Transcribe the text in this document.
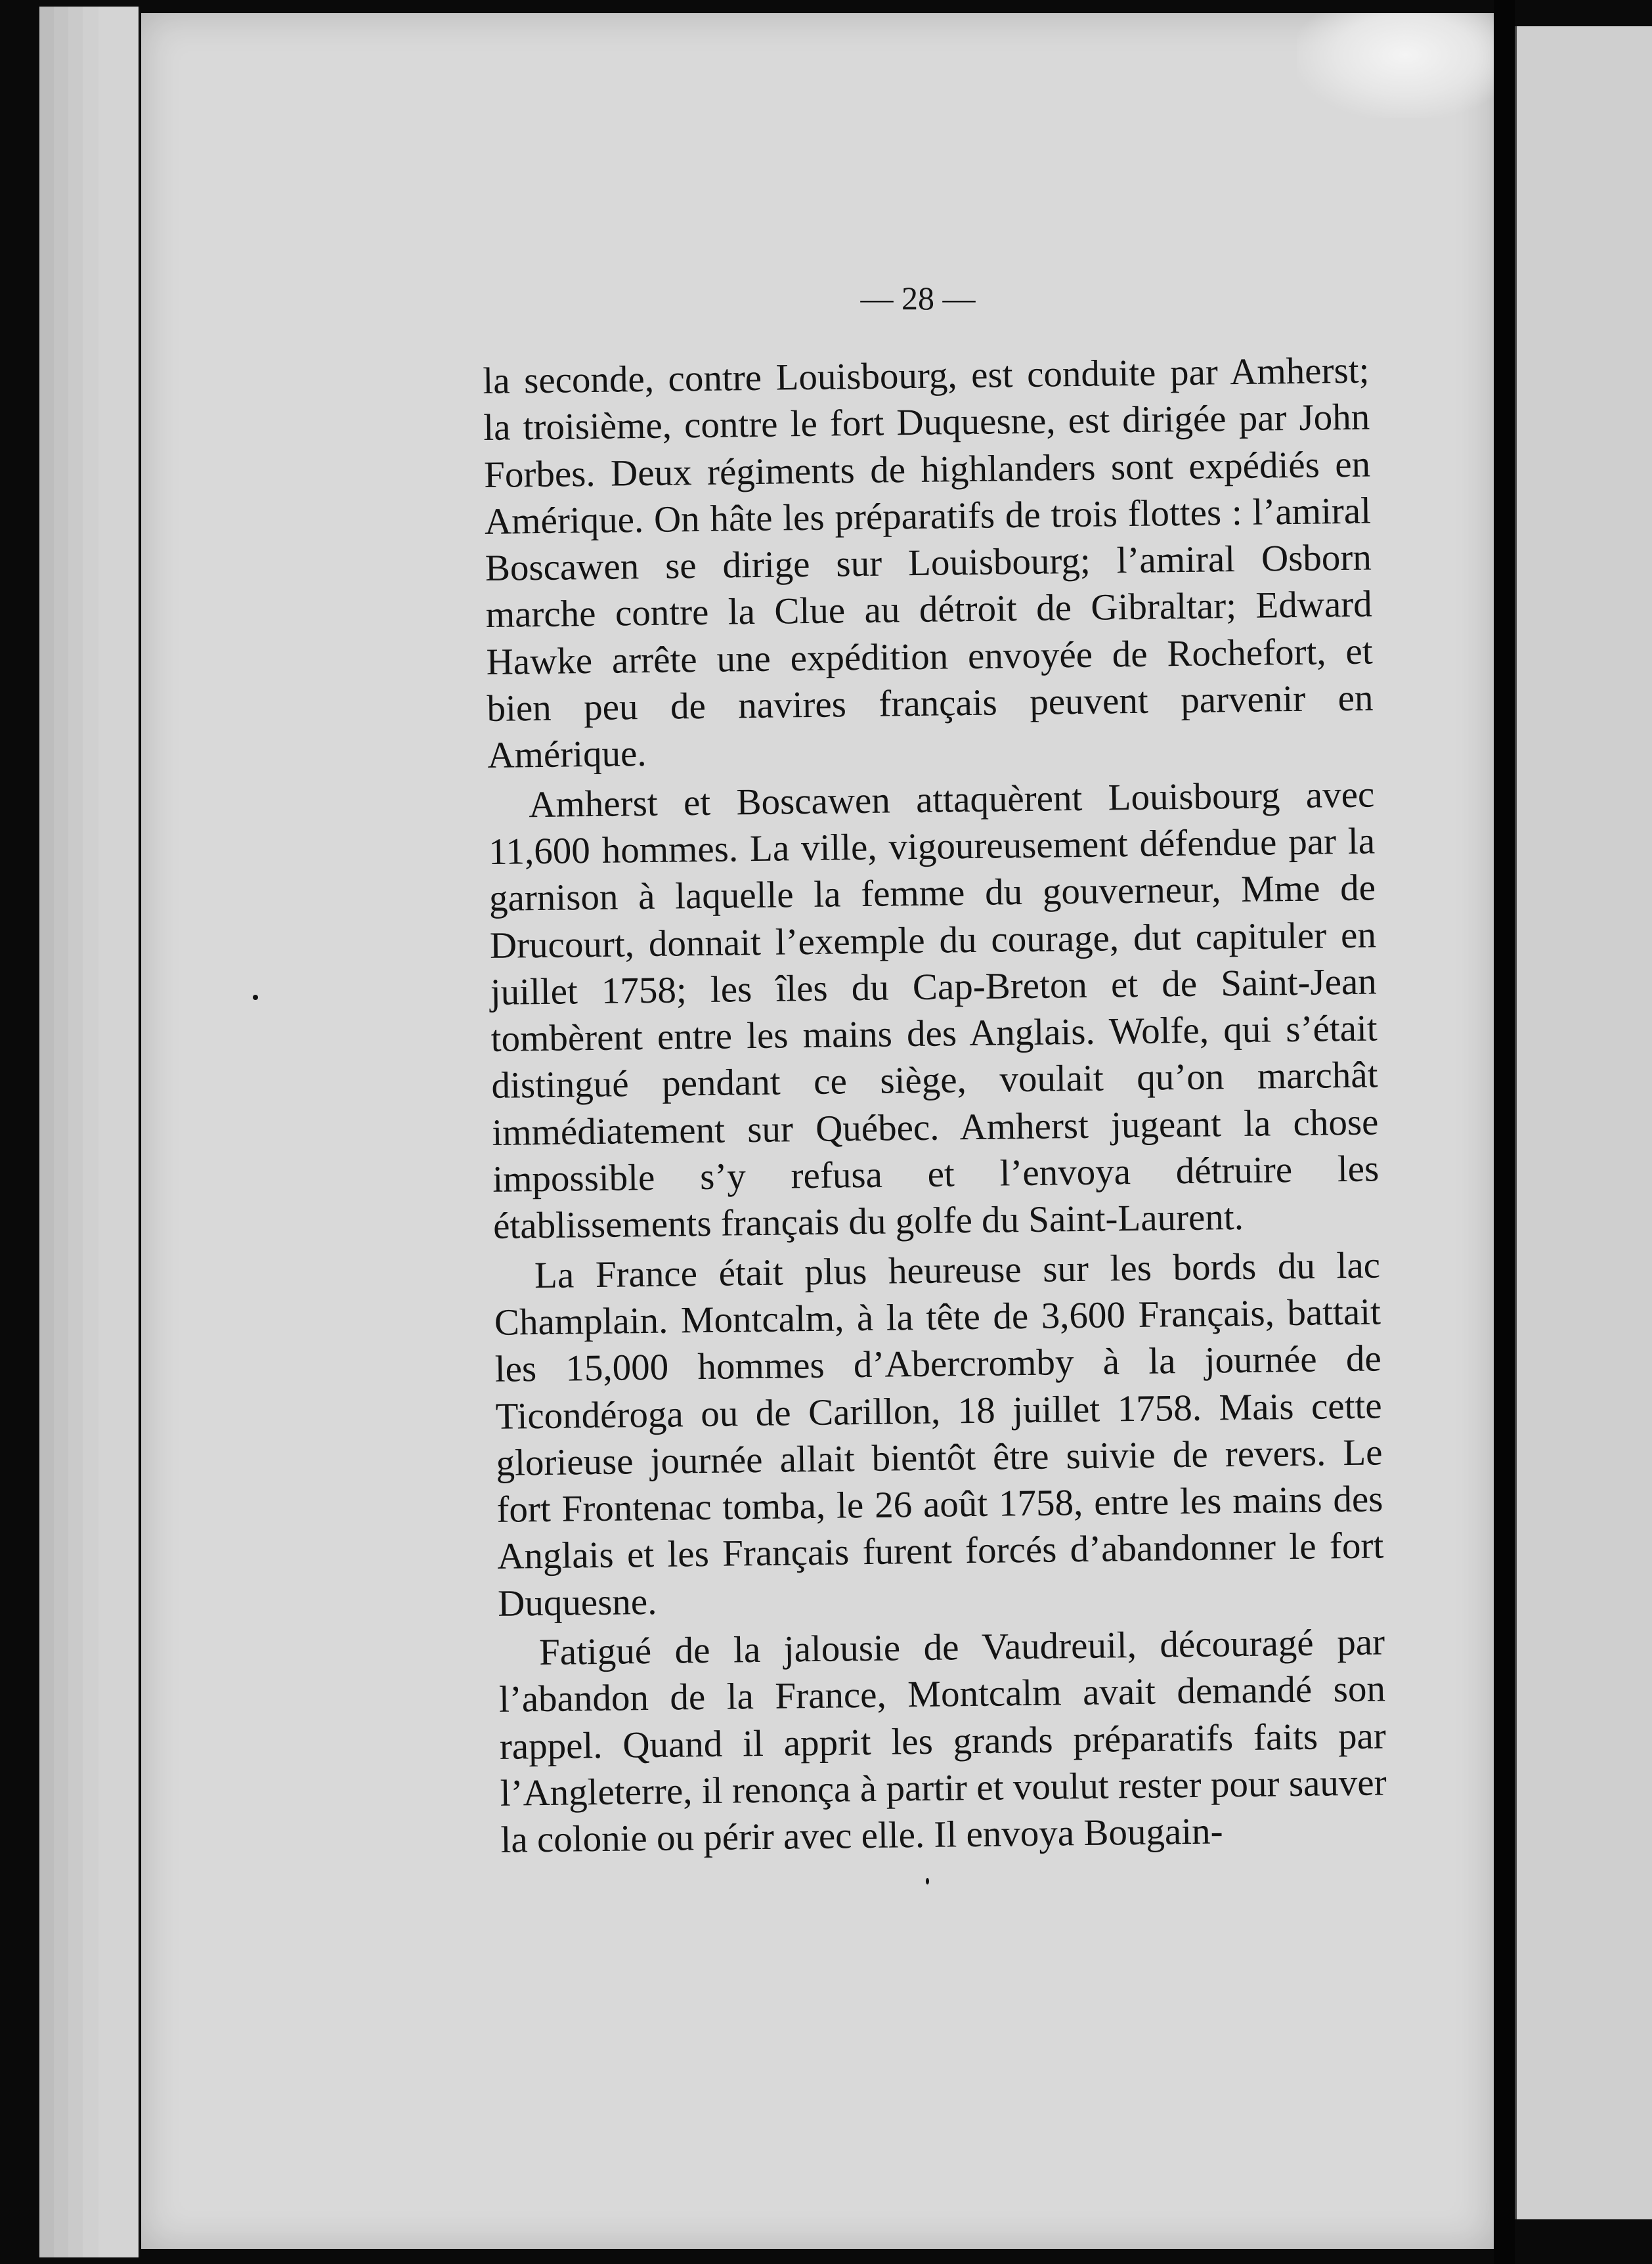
— 28 —

la seconde, contre Louisbourg, est conduite par Amherst; la troisième, contre le fort Duquesne, est dirigée par John Forbes. Deux régiments de highlanders sont expédiés en Amérique. On hâte les préparatifs de trois flottes : l’amiral Boscawen se dirige sur Louisbourg; l’amiral Osborn marche contre la Clue au détroit de Gibraltar; Edward Hawke arrête une expédition envoyée de Rochefort, et bien peu de navires français peuvent parvenir en Amérique.

Amherst et Boscawen attaquèrent Louisbourg avec 11,600 hommes. La ville, vigoureusement défendue par la garnison à laquelle la femme du gouverneur, Mme de Drucourt, donnait l’exemple du courage, dut capituler en juillet 1758; les îles du Cap-Breton et de Saint-Jean tombèrent entre les mains des Anglais. Wolfe, qui s’était distingué pendant ce siège, voulait qu’on marchât immédiatement sur Québec. Amherst jugeant la chose impossible s’y refusa et l’envoya détruire les établissements français du golfe du Saint-Laurent.

La France était plus heureuse sur les bords du lac Champlain. Montcalm, à la tête de 3,600 Français, battait les 15,000 hommes d’Abercromby à la journée de Ticondéroga ou de Carillon, 18 juillet 1758. Mais cette glorieuse journée allait bientôt être suivie de revers. Le fort Frontenac tomba, le 26 août 1758, entre les mains des Anglais et les Français furent forcés d’abandonner le fort Duquesne.

Fatigué de la jalousie de Vaudreuil, découragé par l’abandon de la France, Montcalm avait demandé son rappel. Quand il apprit les grands préparatifs faits par l’Angleterre, il renonça à partir et voulut rester pour sauver la colonie ou périr avec elle. Il envoya Bougain-
